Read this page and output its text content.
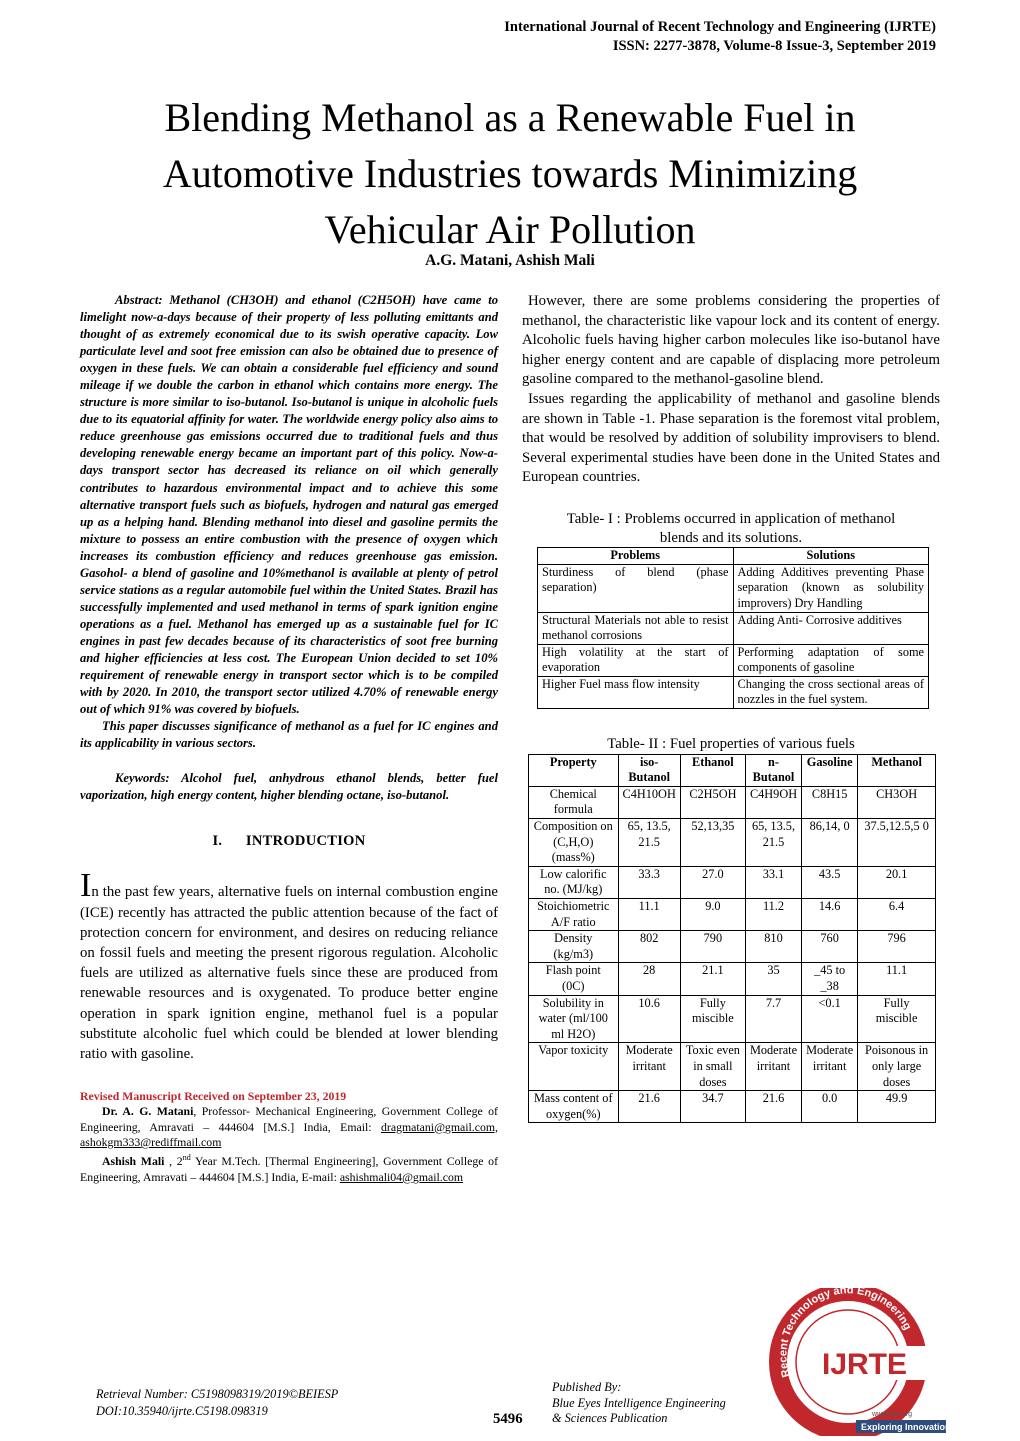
International Journal of Recent Technology and Engineering (IJRTE)
ISSN: 2277-3878, Volume-8 Issue-3, September 2019
Blending Methanol as a Renewable Fuel in
Automotive Industries towards Minimizing
Vehicular Air Pollution
A.G. Matani, Ashish Mali

Abstract: Methanol (CH3OH) and ethanol (C2H5OH) have came to limelight now-a-days because of their property of less polluting emittants and thought of as extremely economical due to its swish operative capacity. Low particulate level and soot free emission can also be obtained due to presence of oxygen in these fuels. We can obtain a considerable fuel efficiency and sound mileage if we double the carbon in ethanol which contains more energy. The structure is more similar to iso-butanol. Iso-butanol is unique in alcoholic fuels due to its equatorial affinity for water. The worldwide energy policy also aims to reduce greenhouse gas emissions occurred due to traditional fuels and thus developing renewable energy became an important part of this policy. Now-a-days transport sector has decreased its reliance on oil which generally contributes to hazardous environmental impact and to achieve this some alternative transport fuels such as biofuels, hydrogen and natural gas emerged up as a helping hand. Blending methanol into diesel and gasoline permits the mixture to possess an entire combustion with the presence of oxygen which increases its combustion efficiency and reduces greenhouse gas emission. Gasohol- a blend of gasoline and 10%methanol is available at plenty of petrol service stations as a regular automobile fuel within the United States. Brazil has successfully implemented and used methanol in terms of spark ignition engine operations as a fuel. Methanol has emerged up as a sustainable fuel for IC engines in past few decades because of its characteristics of soot free burning and higher efficiencies at less cost. The European Union decided to set 10% requirement of renewable energy in transport sector which is to be compiled with by 2020. In 2010, the transport sector utilized 4.70% of renewable energy out of which 91% was covered by biofuels.

This paper discusses significance of methanol as a fuel for IC engines and its applicability in various sectors.

Keywords: Alcohol fuel, anhydrous ethanol blends, better fuel vaporization, high energy content, higher blending octane, iso-butanol.

I.      INTRODUCTION

In the past few years, alternative fuels on internal combustion engine (ICE) recently has attracted the public attention because of the fact of protection concern for environment, and desires on reducing reliance on fossil fuels and meeting the present rigorous regulation. Alcoholic fuels are utilized as alternative fuels since these are produced from renewable resources and is oxygenated. To produce better engine operation in spark ignition engine, methanol fuel is a popular substitute alcoholic fuel which could be blended at lower blending ratio with gasoline.

Revised Manuscript Received on September 23, 2019

Dr. A. G. Matani, Professor- Mechanical Engineering, Government College of Engineering, Amravati – 444604 [M.S.] India, Email: dragmatani@gmail.com, ashokgm333@rediffmail.com

Ashish Mali , 2nd Year M.Tech. [Thermal Engineering], Government College of Engineering, Amravati – 444604 [M.S.] India, E-mail: ashishmali04@gmail.com

However, there are some problems considering the properties of methanol, the characteristic like vapour lock and its content of energy. Alcoholic fuels having higher carbon molecules like iso-butanol have higher energy content and are capable of displacing more petroleum gasoline compared to the methanol-gasoline blend.

Issues regarding the applicability of methanol and gasoline blends are shown in Table -1. Phase separation is the foremost vital problem, that would be resolved by addition of solubility improvisers to blend. Several experimental studies have been done in the United States and European countries.

Table- I : Problems occurred in application of methanol
blends and its solutions.

Problems	Solutions
Sturdiness of blend (phase separation)	Adding Additives preventing Phase separation (known as solubility improvers) Dry Handling
Structural Materials not able to resist methanol corrosions	Adding Anti- Corrosive additives
High volatility at the start of evaporation	Performing adaptation of some components of gasoline
Higher Fuel mass flow intensity	Changing the cross sectional areas of nozzles in the fuel system.

Table- II : Fuel properties of various fuels

Property	iso-Butanol	Ethanol	n-Butanol	Gasoline	Methanol
Chemical formula	C4H10OH	C2H5OH	C4H9OH	C8H15	CH3OH
Composition on (C,H,O) (mass%)	65, 13.5, 21.5	52,13,35	65, 13.5, 21.5	86,14, 0	37.5,12.5,5 0
Low calorific no. (MJ/kg)	33.3	27.0	33.1	43.5	20.1
Stoichiometric A/F ratio	11.1	9.0	11.2	14.6	6.4
Density (kg/m3)	802	790	810	760	796
Flash point (0C)	28	21.1	35	_45 to _38	11.1
Solubility in water (ml/100 ml H2O)	10.6	Fully miscible	7.7	<0.1	Fully miscible
Vapor toxicity	Moderate irritant	Toxic even in small doses	Moderate irritant	Moderate irritant	Poisonous in only large doses
Mass content of oxygen(%)	21.6	34.7	21.6	0.0	49.9
Retrieval Number: C5198098319/2019©BEIESP
DOI:10.35940/ijrte.C5198.098319	5496
Published By:
Blue Eyes Intelligence Engineering
& Sciences Publication
Recent Technology and Engineering
IJRTE
www.ijrte.org
Exploring Innovation
